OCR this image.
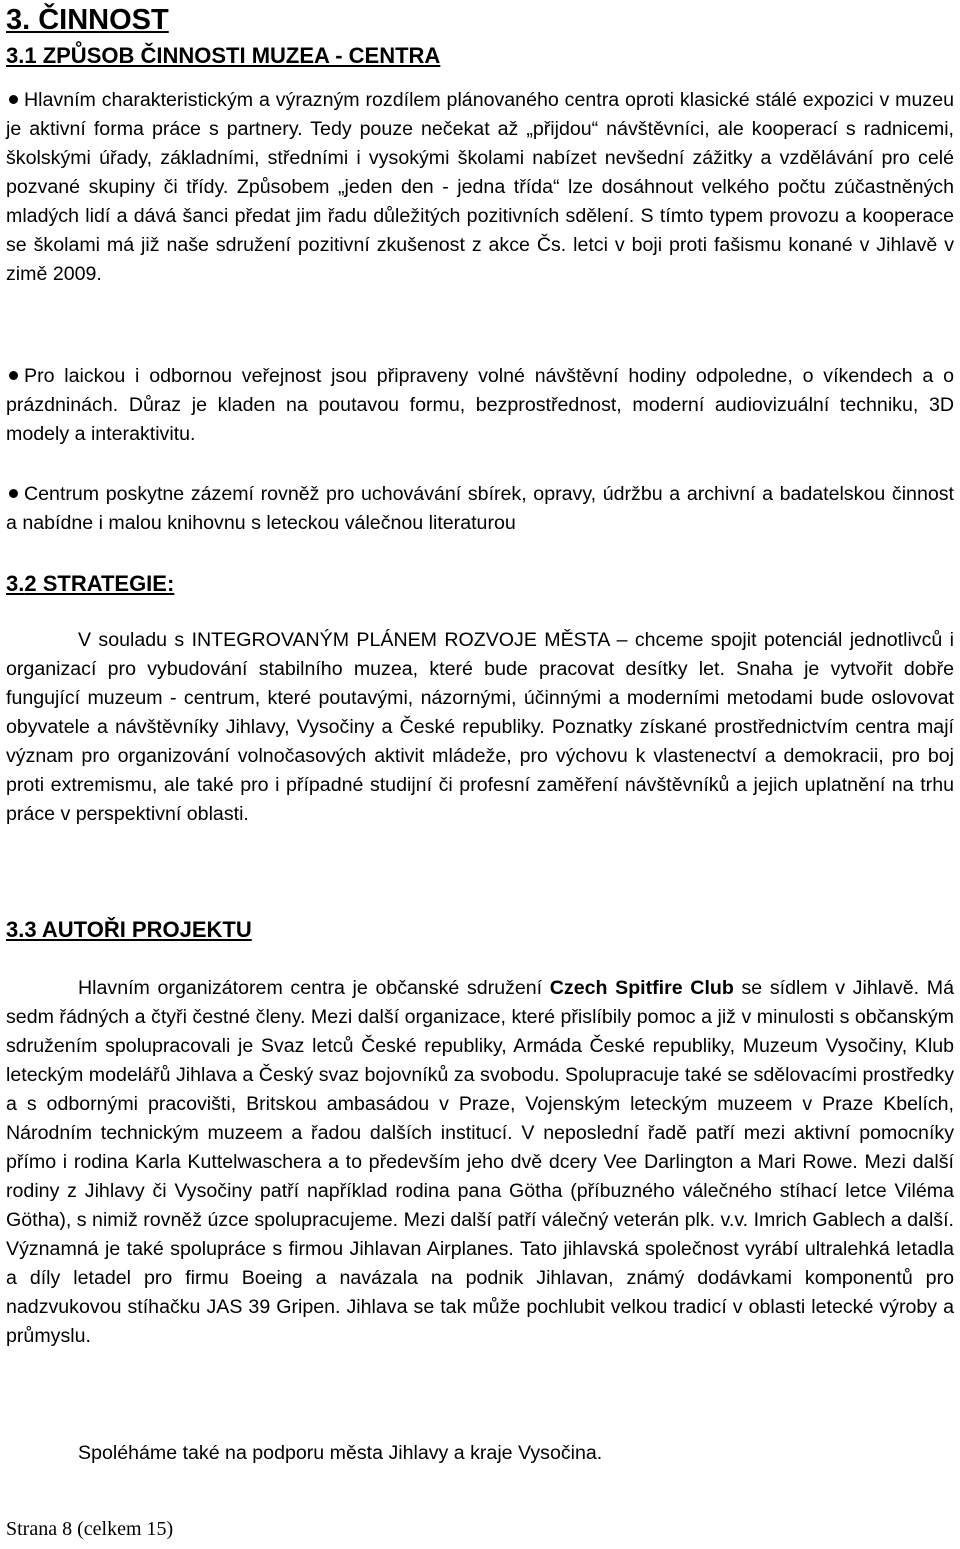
3. ČINNOST
3.1 ZPŮSOB ČINNOSTI MUZEA - CENTRA
Hlavním charakteristickým a výrazným rozdílem plánovaného centra oproti klasické stálé expozici v muzeu je aktivní forma práce s partnery. Tedy pouze nečekat až „přijdou“ návštěvníci, ale kooperací s radnicemi, školskými úřady, základními, středními i vysokými školami nabízet nevšední zážitky a vzdělávání pro celé pozvané skupiny či třídy. Způsobem „jeden den - jedna třída“ lze dosáhnout velkého počtu zúčastněných mladých lidí a dává šanci předat jim řadu důležitých pozitivních sdělení. S tímto typem provozu a kooperace se školami má již naše sdružení pozitivní zkušenost z akce Čs. letci v boji proti fašismu konané v Jihlavě v zimě 2009.
Pro laickou i odbornou veřejnost jsou připraveny volné návštěvní hodiny odpoledne, o víkendech a o prázdninách. Důraz je kladen na poutavou formu, bezprostřednost, moderní audiovizuální techniku, 3D modely a interaktivitu.
Centrum poskytne zázemí rovněž pro uchovávání sbírek, opravy, údržbu a archivní a badatelskou činnost a nabídne i malou knihovnu s leteckou válečnou literaturou
3.2 STRATEGIE:
V souladu s INTEGROVANÝM PLÁNEM ROZVOJE MĚSTA – chceme spojit potenciál jednotlivců i organizací pro vybudování stabilního muzea, které bude pracovat desítky let. Snaha je vytvořit dobře fungující muzeum - centrum, které poutavými, názornými, účinnými a moderními metodami bude oslovovat obyvatele a návštěvníky Jihlavy, Vysočiny a České republiky. Poznatky získané prostřednictvím centra mají význam pro organizování volnočasových aktivit mládeže, pro výchovu k vlastenectví a demokracii, pro boj proti extremismu, ale také pro i případné studijní či profesní zaměření návštěvníků a jejich uplatnění na trhu práce v perspektivní oblasti.
3.3 AUTOŘI PROJEKTU
Hlavním organizátorem centra je občanské sdružení Czech Spitfire Club se sídlem v Jihlavě. Má sedm řádných a čtyři čestné členy. Mezi další organizace, které přislíbily pomoc a již v minulosti s občanským sdružením spolupracovali je Svaz letců České republiky, Armáda České republiky, Muzeum Vysočiny, Klub leteckým modelářů Jihlava a Český svaz bojovníků za svobodu. Spolupracuje také se sdělovacími prostředky a s odbornými pracovišti, Britskou ambasádou v Praze, Vojenským leteckým muzeem v Praze Kbelích, Národním technickým muzeem a řadou dalších institucí. V neposlední řadě patří mezi aktivní pomocníky přímo i rodina Karla Kuttelwaschera a to především jeho dvě dcery Vee Darlington a Mari Rowe. Mezi další rodiny z Jihlavy či Vysočiny patří například rodina pana Götha (příbuzného válečného stíhací letce Viléma Götha), s nimiž rovněž úzce spolupracujeme. Mezi další patří válečný veterán plk. v.v. Imrich Gablech a další. Významná je také spolupráce s firmou Jihlavan Airplanes. Tato jihlavská společnost vyrábí ultralehká letadla a díly letadel pro firmu Boeing a navázala na podnik Jihlavan, známý dodávkami komponentů pro nadzvukovou stíhačku JAS 39 Gripen. Jihlava se tak může pochlubit velkou tradicí v oblasti letecké výroby a průmyslu.
Spoléháme také na podporu města Jihlavy a kraje Vysočina.
Strana 8 (celkem 15)
